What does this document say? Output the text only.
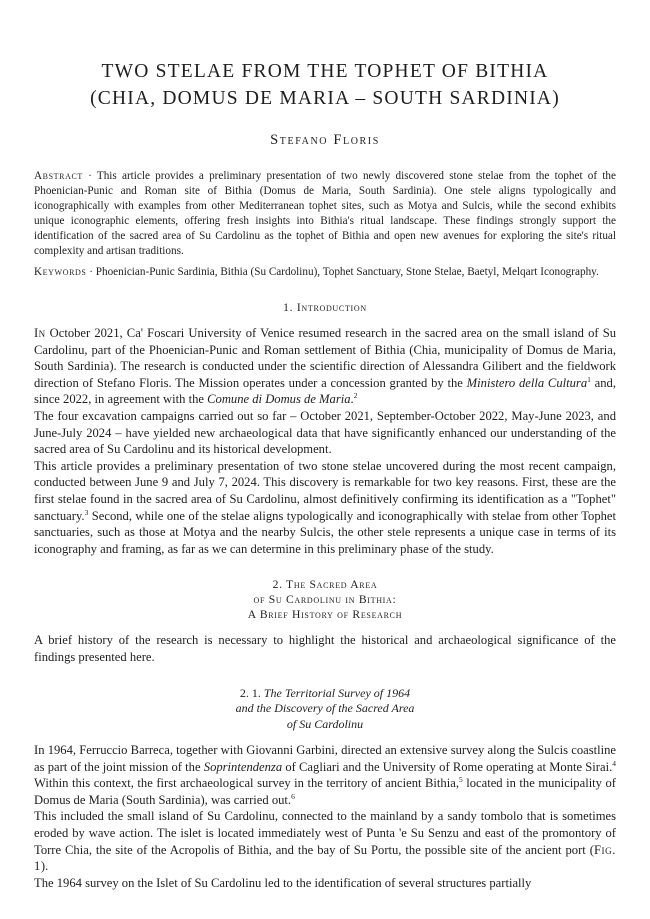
TWO STELAE FROM THE TOPHET OF BITHIA
(CHIA, DOMUS DE MARIA – SOUTH SARDINIA)
Stefano Floris

Abstract · This article provides a preliminary presentation of two newly discovered stone stelae from the tophet of the Phoenician-Punic and Roman site of Bithia (Domus de Maria, South Sardinia). One stele aligns typologically and iconographically with examples from other Mediterranean tophet sites, such as Motya and Sulcis, while the second exhibits unique iconographic elements, offering fresh insights into Bithia's ritual landscape. These findings strongly support the identification of the sacred area of Su Cardolinu as the tophet of Bithia and open new avenues for exploring the site's ritual complexity and artisan traditions.

Keywords · Phoenician-Punic Sardinia, Bithia (Su Cardolinu), Tophet Sanctuary, Stone Stelae, Baetyl, Melqart Iconography.

1. Introduction

In October 2021, Ca' Foscari University of Venice resumed research in the sacred area on the small island of Su Cardolinu, part of the Phoenician-Punic and Roman settlement of Bithia (Chia, municipality of Domus de Maria, South Sardinia). The research is conducted under the scientific direction of Alessandra Gilibert and the fieldwork direction of Stefano Floris. The Mission operates under a concession granted by the Ministero della Cultura$^1$ and, since 2022, in agreement with the Comune di Domus de Maria.$^2$

The four excavation campaigns carried out so far – October 2021, September-October 2022, May-June 2023, and June-July 2024 – have yielded new archaeological data that have significantly enhanced our understanding of the sacred area of Su Cardolinu and its historical development.

This article provides a preliminary presentation of two stone stelae uncovered during the most recent campaign, conducted between June 9 and July 7, 2024. This discovery is remarkable for two key reasons. First, these are the first stelae found in the sacred area of Su Cardolinu, almost definitively confirming its identification as a "Tophet" sanctuary.$^3$ Second, while one of the stelae aligns typologically and iconographically with stelae from other Tophet sanctuaries, such as those at Motya and the nearby Sulcis, the other stele represents a unique case in terms of its iconography and framing, as far as we can determine in this preliminary phase of the study.

2. The Sacred Area
of Su Cardolinu in Bithia:
A Brief History of Research

A brief history of the research is necessary to highlight the historical and archaeological significance of the findings presented here.

2. 1. The Territorial Survey of 1964
and the Discovery of the Sacred Area
of Su Cardolinu

In 1964, Ferruccio Barreca, together with Giovanni Garbini, directed an extensive survey along the Sulcis coastline as part of the joint mission of the Soprintendenza of Cagliari and the University of Rome operating at Monte Sirai.$^4$ Within this context, the first archaeological survey in the territory of ancient Bithia,$^5$ located in the municipality of Domus de Maria (South Sardinia), was carried out.$^6$

This included the small island of Su Cardolinu, connected to the mainland by a sandy tombolo that is sometimes eroded by wave action. The islet is located immediately west of Punta 'e Su Senzu and east of the promontory of Torre Chia, the site of the Acropolis of Bithia, and the bay of Su Portu, the possible site of the ancient port (Fig. 1).

The 1964 survey on the Islet of Su Cardolinu led to the identification of several structures partially
